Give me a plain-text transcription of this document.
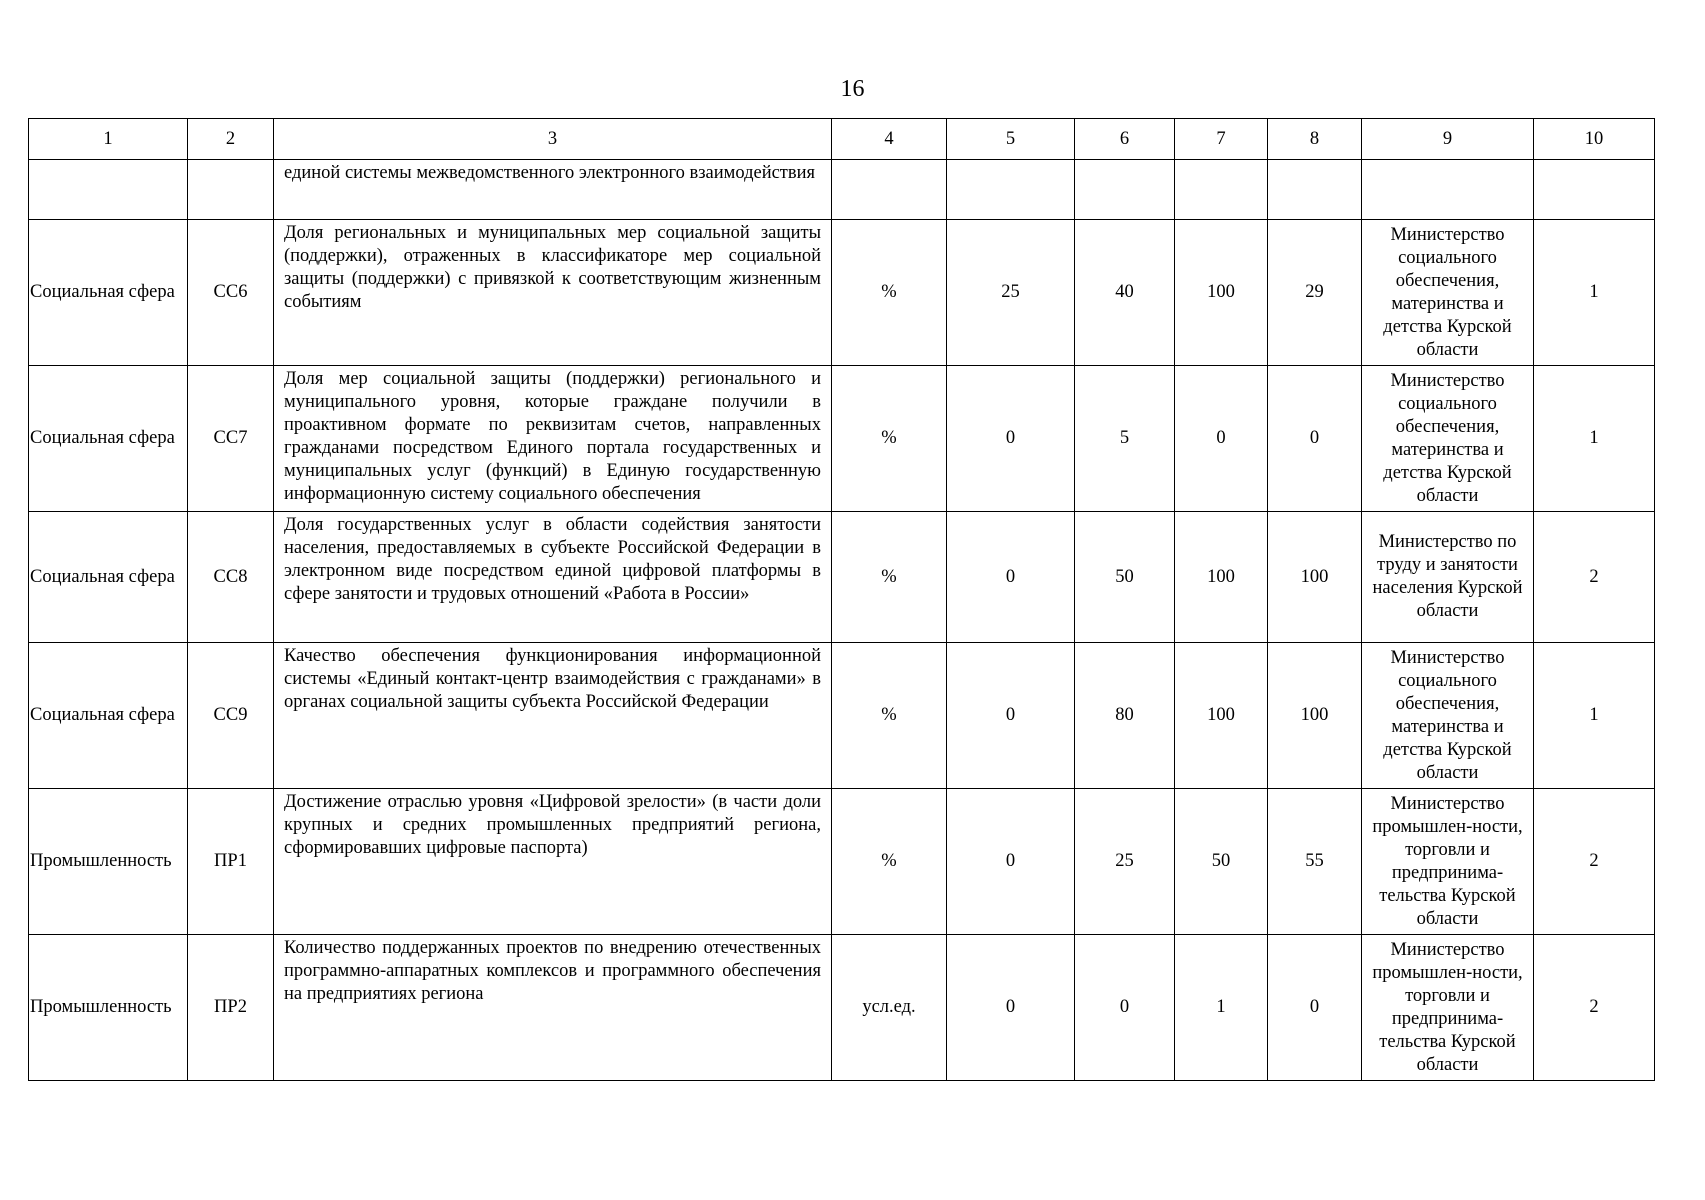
16
1	2	3	4	5	6	7	8	9	10
		единой системы межведомственного электронного взаимодействия							
Социальная сфера	СС6	Доля региональных и муниципальных мер социальной защиты (поддержки), отраженных в классификаторе мер социальной защиты (поддержки) с привязкой к соответствующим жизненным событиям	%	25	40	100	29	Министерство социального обеспечения, материнства и детства Курской области	1
Социальная сфера	СС7	Доля мер социальной защиты (поддержки) регионального и муниципального уровня, которые граждане получили в проактивном формате по реквизитам счетов, направленных гражданами посредством Единого портала государственных и муниципальных услуг (функций) в Единую государственную информационную систему социального обеспечения	%	0	5	0	0	Министерство социального обеспечения, материнства и детства Курской области	1
Социальная сфера	СС8	Доля государственных услуг в области содействия занятости населения, предоставляемых в субъекте Российской Федерации в электронном виде посредством единой цифровой платформы в сфере занятости и трудовых отношений «Работа в России»	%	0	50	100	100	Министерство по труду и занятости населения Курской области	2
Социальная сфера	СС9	Качество обеспечения функционирования информационной системы «Единый контакт-центр взаимодействия с гражданами» в органах социальной защиты субъекта Российской Федерации	%	0	80	100	100	Министерство социального обеспечения, материнства и детства Курской области	1
Промышленность	ПР1	Достижение отраслью уровня «Цифровой зрелости» (в части доли крупных и средних промышленных предприятий региона, сформировавших цифровые паспорта)	%	0	25	50	55	Министерство промышлен-ности, торговли и предпринима-тельства Курской области	2
Промышленность	ПР2	Количество поддержанных проектов по внедрению отечественных программно-аппаратных комплексов и программного обеспечения на предприятиях региона	усл.ед.	0	0	1	0	Министерство промышлен-ности, торговли и предпринима-тельства Курской области	2
